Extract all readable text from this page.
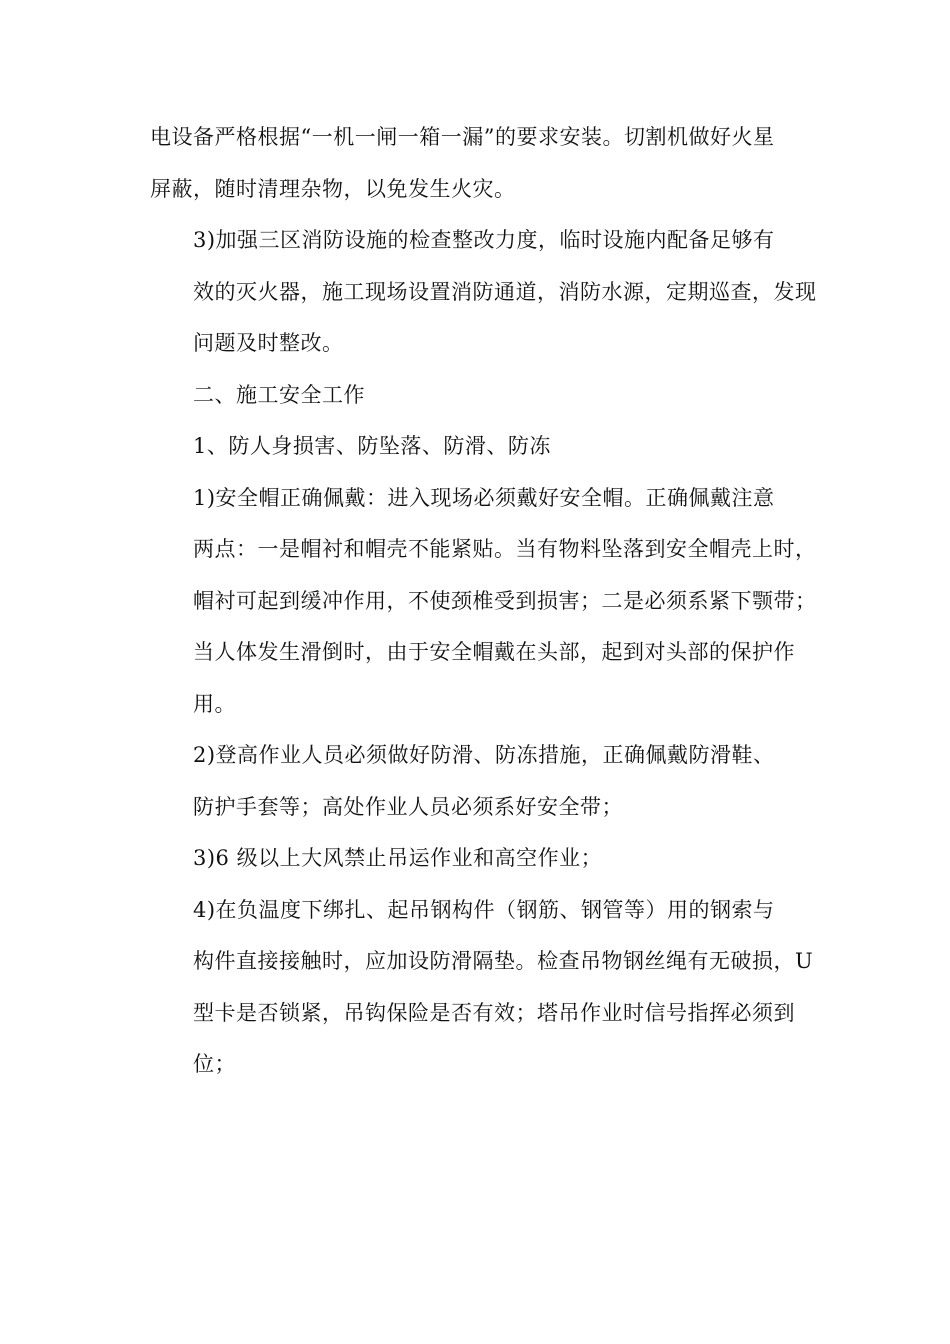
电设备严格根据“一机一闸一箱一漏”的要求安装。切割机做好火星
屏蔽，随时清理杂物，以免发生火灾。

3)加强三区消防设施的检查整改力度，临时设施内配备足够有
效的灭火器，施工现场设置消防通道，消防水源，定期巡查，发现
问题及时整改。

二、施工安全工作

1、防人身损害、防坠落、防滑、防冻

1)安全帽正确佩戴：进入现场必须戴好安全帽。正确佩戴注意
两点：一是帽衬和帽壳不能紧贴。当有物料坠落到安全帽壳上时，
帽衬可起到缓冲作用，不使颈椎受到损害；二是必须系紧下颚带；
当人体发生滑倒时，由于安全帽戴在头部，起到对头部的保护作
用。

2)登高作业人员必须做好防滑、防冻措施，正确佩戴防滑鞋、
防护手套等；高处作业人员必须系好安全带；

3)6 级以上大风禁止吊运作业和高空作业；

4)在负温度下绑扎、起吊钢构件（钢筋、钢管等）用的钢索与
构件直接接触时，应加设防滑隔垫。检查吊物钢丝绳有无破损，U
型卡是否锁紧，吊钩保险是否有效；塔吊作业时信号指挥必须到
位；
